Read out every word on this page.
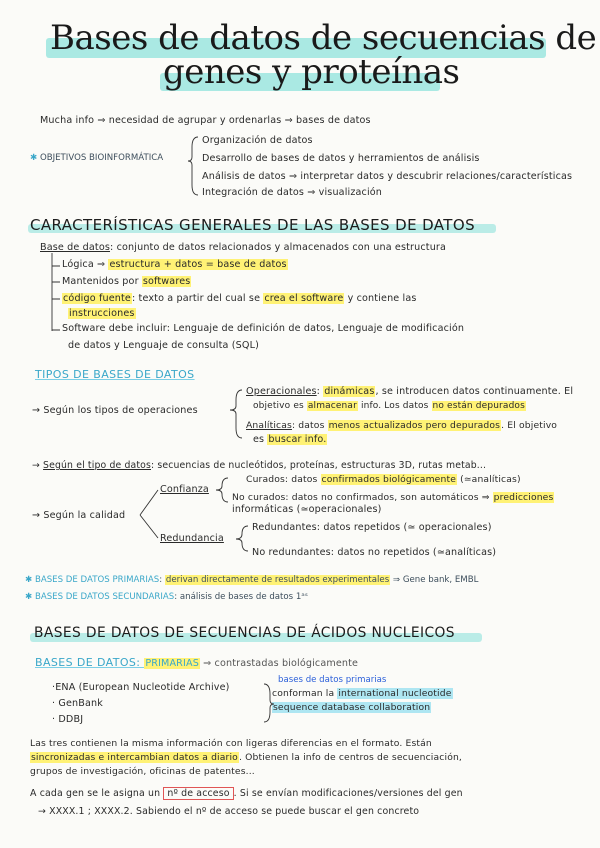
Bases de datos de secuencias de
genes y proteínas
Mucha info ⇒ necesidad de agrupar y ordenarlas ⇒ bases de datos
✱ OBJETIVOS BIOINFORMÁTICA
Organización de datos
Desarrollo de bases de datos y herramientos de análisis
Análisis de datos ⇒ interpretar datos y descubrir relaciones/características
Integración de datos ⇒ visualización
CARACTERÍSTICAS GENERALES DE LAS BASES DE DATOS
Base de datos: conjunto de datos relacionados y almacenados con una estructura
Lógica ⇒ estructura + datos = base de datos
Mantenidos por softwares
código fuente: texto a partir del cual se crea el software y contiene las
instrucciones
Software debe incluir: Lenguaje de definición de datos, Lenguaje de modificación
de datos y Lenguaje de consulta (SQL)
TIPOS DE BASES DE DATOS
→ Según los tipos de operaciones
Operacionales: dinámicas, se introducen datos continuamente. El
objetivo es almacenar info. Los datos no están depurados
Analíticas: datos menos actualizados pero depurados. El objetivo
es buscar info.
→ Según el tipo de datos: secuencias de nucleótidos, proteínas, estructuras 3D, rutas metab...
→ Según la calidad
Confianza
Curados: datos confirmados biológicamente (≃analíticas)
No curados: datos no confirmados, son automáticos ⇒ predicciones
informáticas (≃operacionales)
Redundancia
Redundantes: datos repetidos (≃ operacionales)
No redundantes: datos no repetidos (≃analíticas)
✱ BASES DE DATOS PRIMARIAS: derivan directamente de resultados experimentales ⇒ Gene bank, EMBL
✱ BASES DE DATOS SECUNDARIAS: análisis de bases de datos 1ᵃˢ
BASES DE DATOS DE SECUENCIAS DE ÁCIDOS NUCLEICOS
BASES DE DATOS: PRIMARIAS ⇒ contrastadas biológicamente
·ENA (European Nucleotide Archive)
· GenBank
· DDBJ
bases de datos primarias
conforman la international nucleotide
sequence database collaboration
Las tres contienen la misma información con ligeras diferencias en el formato. Están
sincronizadas e intercambian datos a diario. Obtienen la info de centros de secuenciación,
grupos de investigación, oficinas de patentes...
A cada gen se le asigna un nº de acceso . Si se envían modificaciones/versiones del gen
→ XXXX.1 ; XXXX.2. Sabiendo el nº de acceso se puede buscar el gen concreto
